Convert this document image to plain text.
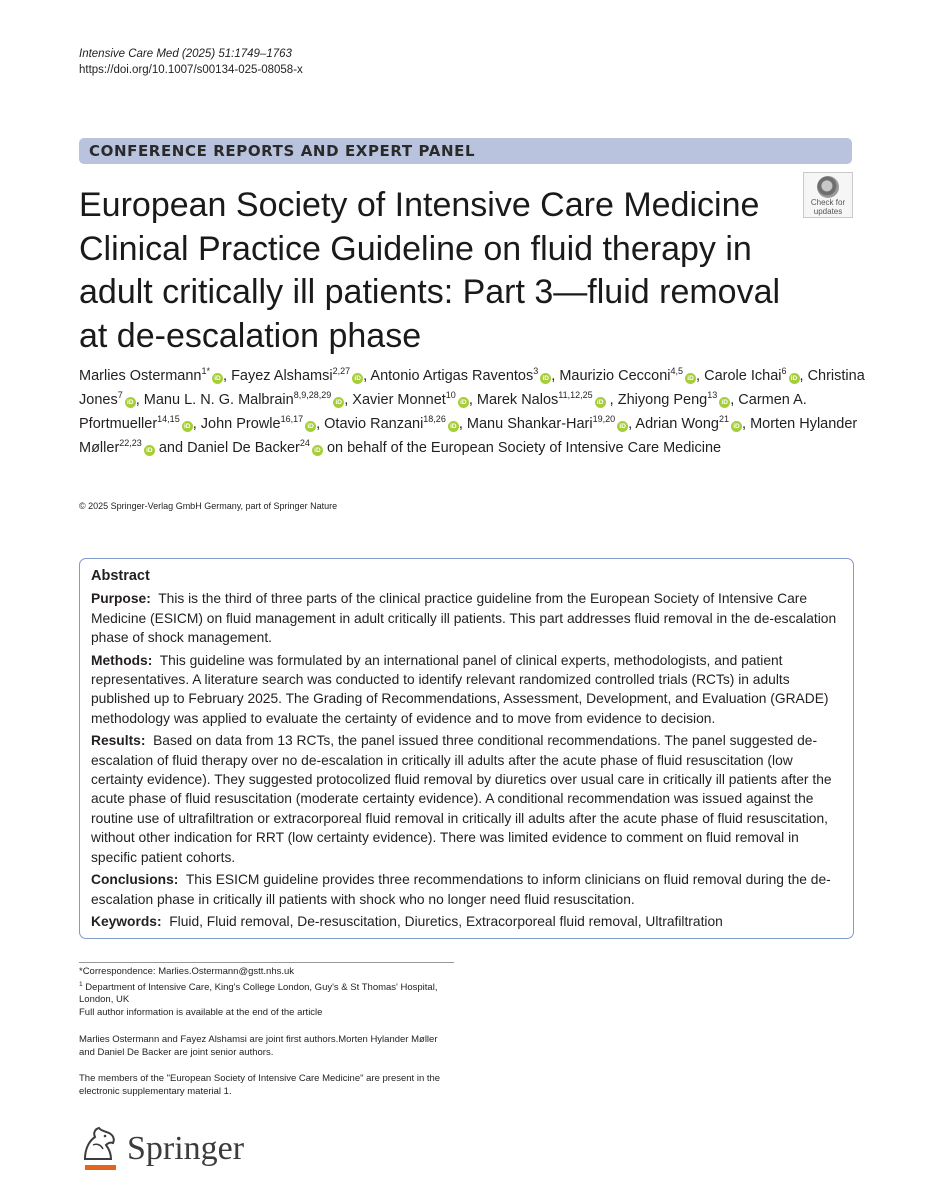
Intensive Care Med (2025) 51:1749–1763
https://doi.org/10.1007/s00134-025-08058-x
CONFERENCE REPORTS AND EXPERT PANEL
Check for
updates
European Society of Intensive Care Medicine Clinical Practice Guideline on fluid therapy in adult critically ill patients: Part 3—fluid removal at de-escalation phase
Marlies Ostermann$^{1*}$iD , Fayez Alshamsi$^{2,27}$iD , Antonio Artigas Raventos$^3$iD , Maurizio Cecconi$^{4,5}$iD , Carole Ichai$^6$iD , Christina Jones$^7$iD , Manu L. N. G. Malbrain$^{8,9,28,29}$iD , Xavier Monnet$^{10}$iD , Marek Nalos$^{11,12,25}$iD , Zhiyong Peng$^{13}$iD , Carmen A. Pfortmueller$^{14,15}$iD , John Prowle$^{16,17}$iD , Otavio Ranzani$^{18,26}$iD , Manu Shankar-Hari$^{19,20}$iD , Adrian Wong$^{21}$iD , Morten Hylander Møller$^{22,23}$iD and Daniel De Backer$^{24}$iD on behalf of the European Society of Intensive Care Medicine
© 2025 Springer-Verlag GmbH Germany, part of Springer Nature
Abstract

Purpose: This is the third of three parts of the clinical practice guideline from the European Society of Intensive Care Medicine (ESICM) on fluid management in adult critically ill patients. This part addresses fluid removal in the de-escalation phase of shock management.

Methods: This guideline was formulated by an international panel of clinical experts, methodologists, and patient representatives. A literature search was conducted to identify relevant randomized controlled trials (RCTs) in adults published up to February 2025. The Grading of Recommendations, Assessment, Development, and Evaluation (GRADE) methodology was applied to evaluate the certainty of evidence and to move from evidence to decision.

Results: Based on data from 13 RCTs, the panel issued three conditional recommendations. The panel suggested de-escalation of fluid therapy over no de-escalation in critically ill adults after the acute phase of fluid resuscitation (low certainty evidence). They suggested protocolized fluid removal by diuretics over usual care in critically ill patients after the acute phase of fluid resuscitation (moderate certainty evidence). A conditional recommendation was issued against the routine use of ultrafiltration or extracorporeal fluid removal in critically ill adults after the acute phase of fluid resuscitation, without other indication for RRT (low certainty evidence). There was limited evidence to comment on fluid removal in specific patient cohorts.

Conclusions: This ESICM guideline provides three recommendations to inform clinicians on fluid removal during the de-escalation phase in critically ill patients with shock who no longer need fluid resuscitation.

Keywords: Fluid, Fluid removal, De-resuscitation, Diuretics, Extracorporeal fluid removal, Ultrafiltration

*Correspondence: Marlies.Ostermann@gstt.nhs.uk
$^1$ Department of Intensive Care, King's College London, Guy's & St Thomas' Hospital, London, UK
Full author information is available at the end of the article
Marlies Ostermann and Fayez Alshamsi are joint first authors.Morten Hylander Møller and Daniel De Backer are joint senior authors.
The members of the "European Society of Intensive Care Medicine" are present in the electronic supplementary material 1.
Springer
